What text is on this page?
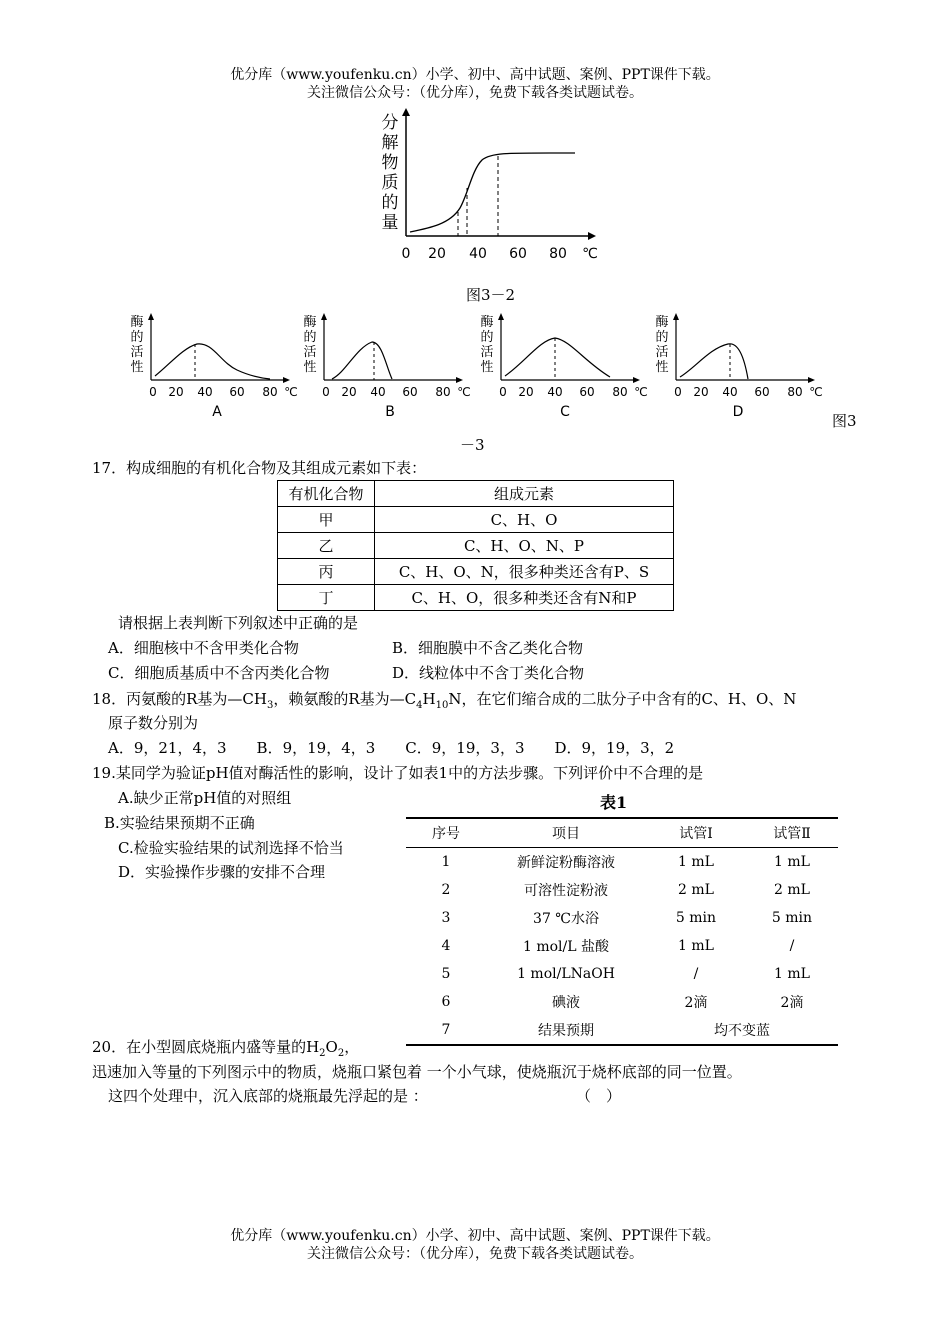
优分库（www.youfenku.cn）小学、初中、高中试题、案例、PPT课件下载。
关注微信公众号：（优分库），免费下载各类试题试卷。
分
解
物
质
的
量
0 20 40 60 80 ℃
图3－2
酶
的
活
性
0 20 40 60 80 ℃
A
酶
的
活
性
0 20 40 60 80 ℃
B
酶
的
活
性
0 20 40 60 80 ℃
C
酶
的
活
性
0 20 40 60 80 ℃
D	图3
－3
17．构成细胞的有机化合物及其组成元素如下表：
有机化合物	组成元素
甲	C、H、O
乙	C、H、O、N、P
丙	C、H、O、N，很多种类还含有P、S
丁	C、H、O，很多种类还含有N和P
请根据上表判断下列叙述中正确的是
A．细胞核中不含甲类化合物	B．细胞膜中不含乙类化合物
C．细胞质基质中不含丙类化合物	D．线粒体中不含丁类化合物
18．丙氨酸的R基为$—CH_3$，赖氨酸的R基为$—C_4H_{10}N$，在它们缩合成的二肽分子中含有的C、H、O、N
原子数分别为
A．9，21，4，3　　B．9，19，4，3　　C．9，19，3，3　　D．9，19，3，2
19.某同学为验证pH值对酶活性的影响，设计了如表1中的方法步骤。下列评价中不合理的是
A.缺少正常pH值的对照组
B.实验结果预期不正确
C.检验实验结果的试剂选择不恰当
D．实验操作步骤的安排不合理
表1
序号	项目	试管Ⅰ	试管Ⅱ
1	新鲜淀粉酶溶液	1 mL	1 mL
2	可溶性淀粉液	2 mL	2 mL
3	37 ℃水浴	5 min	5 min
4	1 mol/L 盐酸	1 mL	/
5	1 mol/LNaOH	/	1 mL
6	碘液	2滴	2滴
7	结果预期	均不变蓝	
20．在小型圆底烧瓶内盛等量的$H_2O_2$，
迅速加入等量的下列图示中的物质，烧瓶口紧包着 一个小气球，使烧瓶沉于烧杯底部的同一位置。
这四个处理中，沉入底部的烧瓶最先浮起的是 ：	（　）
优分库（www.youfenku.cn）小学、初中、高中试题、案例、PPT课件下载。
关注微信公众号：（优分库），免费下载各类试题试卷。
